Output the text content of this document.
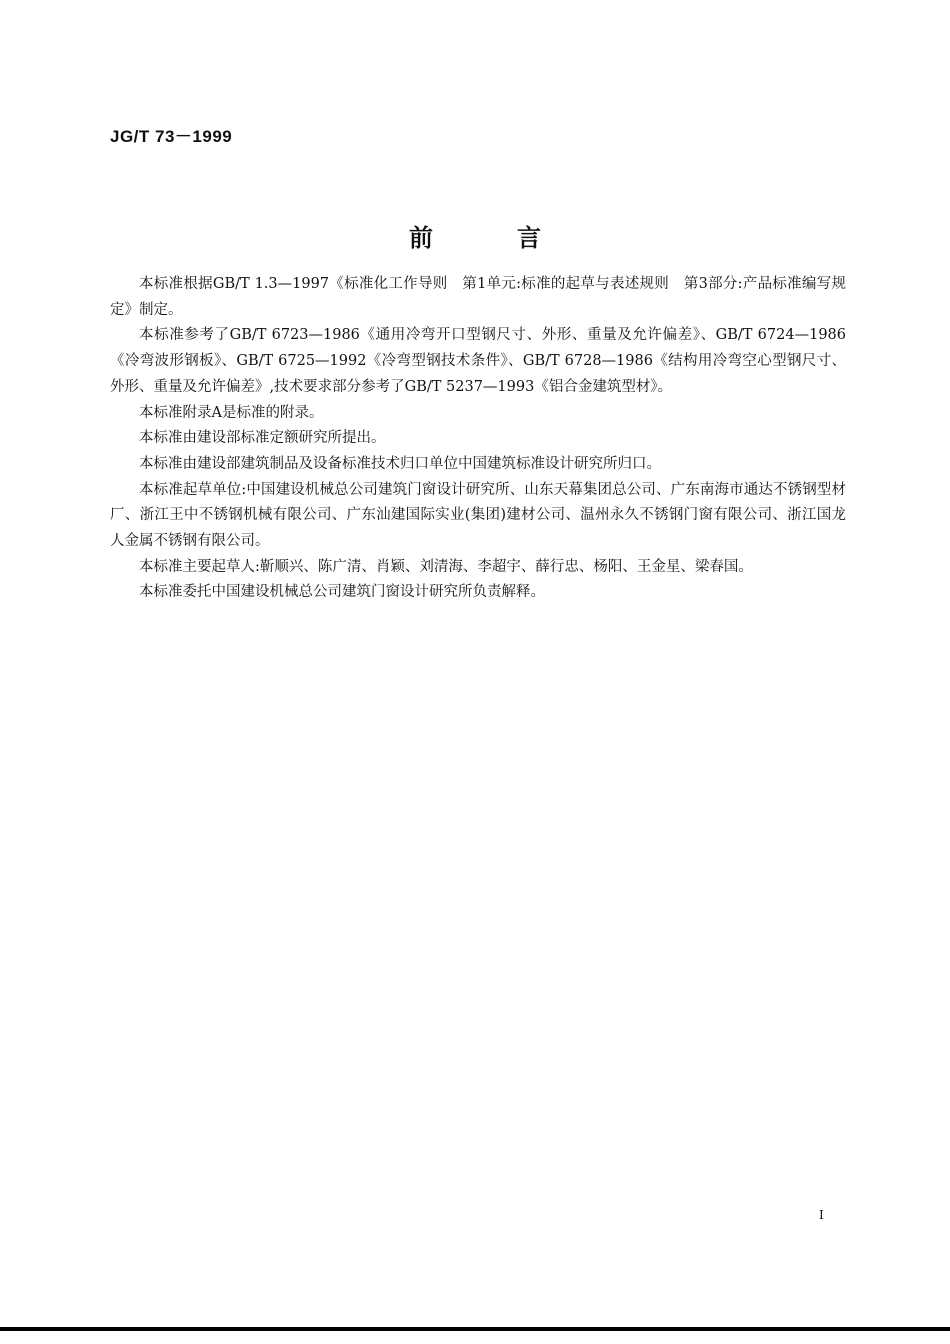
JG/T 73－1999
前言

本标准根据GB/T 1.3—1997《标准化工作导则　第1单元:标准的起草与表述规则　第3部分:产品标准编写规定》制定。

本标准参考了GB/T 6723—1986《通用冷弯开口型钢尺寸、外形、重量及允许偏差》、GB/T 6724—1986《冷弯波形钢板》、GB/T 6725—1992《冷弯型钢技术条件》、GB/T 6728—1986《结构用冷弯空心型钢尺寸、外形、重量及允许偏差》,技术要求部分参考了GB/T 5237—1993《铝合金建筑型材》。

本标准附录A是标准的附录。

本标准由建设部标准定额研究所提出。

本标准由建设部建筑制品及设备标准技术归口单位中国建筑标准设计研究所归口。

本标准起草单位:中国建设机械总公司建筑门窗设计研究所、山东天幕集团总公司、广东南海市通达不锈钢型材厂、浙江王中不锈钢机械有限公司、广东汕建国际实业(集团)建材公司、温州永久不锈钢门窗有限公司、浙江国龙人金属不锈钢有限公司。

本标准主要起草人:靳顺兴、陈广清、肖颖、刘清海、李超宇、薛行忠、杨阳、王金星、梁春国。

本标准委托中国建设机械总公司建筑门窗设计研究所负责解释。

I
